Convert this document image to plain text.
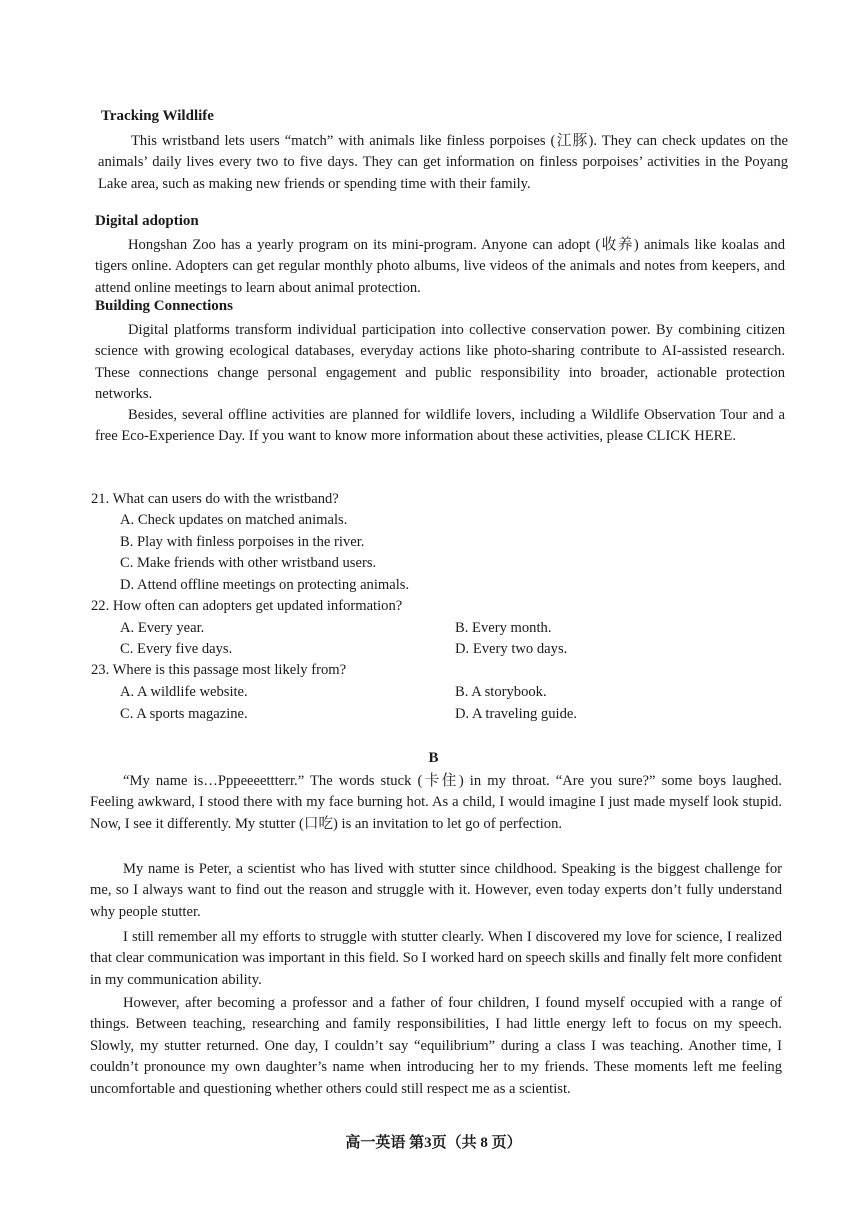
Tracking Wildlife

This wristband lets users “match” with animals like finless porpoises (江豚). They can check updates on the animals’ daily lives every two to five days. They can get information on finless porpoises’ activities in the Poyang Lake area, such as making new friends or spending time with their family.

Digital adoption

Hongshan Zoo has a yearly program on its mini-program. Anyone can adopt (收养) animals like koalas and tigers online. Adopters can get regular monthly photo albums, live videos of the animals and notes from keepers, and attend online meetings to learn about animal protection.

Building Connections

Digital platforms transform individual participation into collective conservation power. By combining citizen science with growing ecological databases, everyday actions like photo-sharing contribute to AI-assisted research. These connections change personal engagement and public responsibility into broader, actionable protection networks.

Besides, several offline activities are planned for wildlife lovers, including a Wildlife Observation Tour and a free Eco-Experience Day. If you want to know more information about these activities, please CLICK HERE.

21. What can users do with the wristband?
A. Check updates on matched animals.
B. Play with finless porpoises in the river.
C. Make friends with other wristband users.
D. Attend offline meetings on protecting animals.
22. How often can adopters get updated information?
A. Every year.	B. Every month.
C. Every five days.	D. Every two days.
23. Where is this passage most likely from?
A. A wildlife website.	B. A storybook.
C. A sports magazine.	D. A traveling guide.
B

“My name is…Pppeeeettterr.” The words stuck (卡住) in my throat. “Are you sure?” some boys laughed. Feeling awkward, I stood there with my face burning hot. As a child, I would imagine I just made myself look stupid. Now, I see it differently. My stutter (口吃) is an invitation to let go of perfection.

My name is Peter, a scientist who has lived with stutter since childhood. Speaking is the biggest challenge for me, so I always want to find out the reason and struggle with it. However, even today experts don’t fully understand why people stutter.

I still remember all my efforts to struggle with stutter clearly. When I discovered my love for science, I realized that clear communication was important in this field. So I worked hard on speech skills and finally felt more confident in my communication ability.

However, after becoming a professor and a father of four children, I found myself occupied with a range of things. Between teaching, researching and family responsibilities, I had little energy left to focus on my speech. Slowly, my stutter returned. One day, I couldn’t say “equilibrium” during a class I was teaching. Another time, I couldn’t pronounce my own daughter’s name when introducing her to my friends. These moments left me feeling uncomfortable and questioning whether others could still respect me as a scientist.

高一英语 第3页（共 8 页）
